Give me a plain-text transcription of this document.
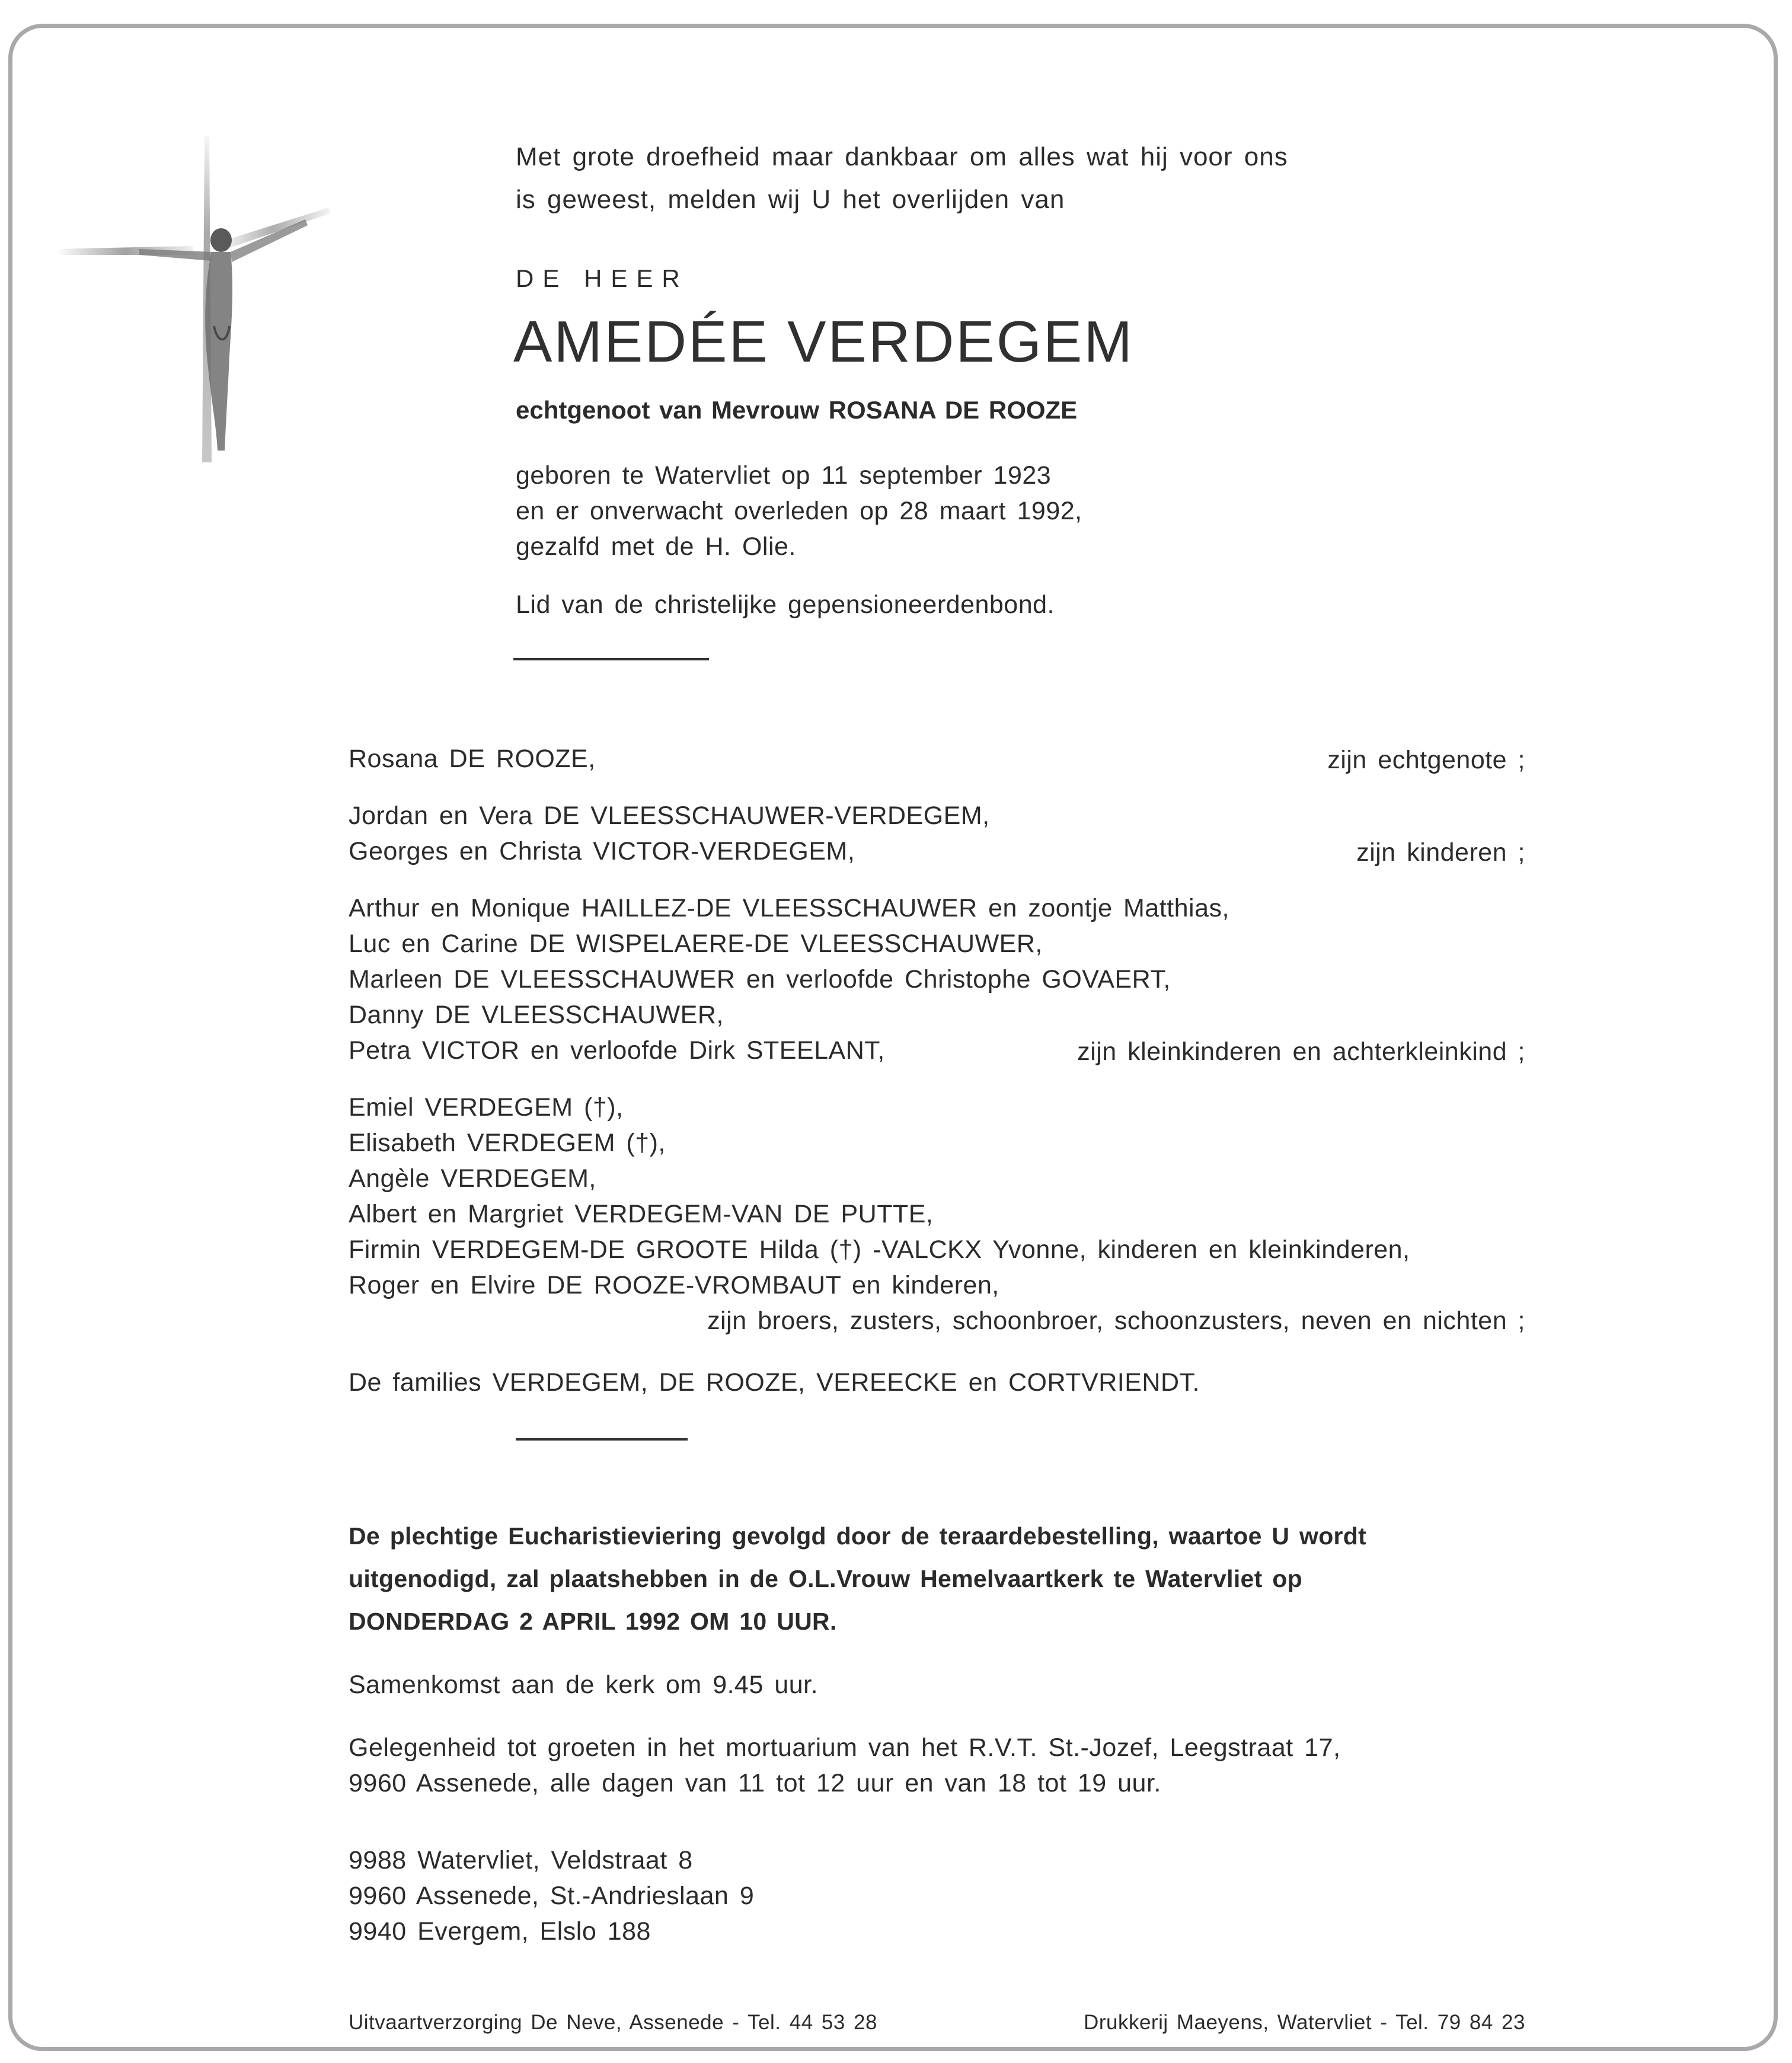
Met grote droefheid maar dankbaar om alles wat hij voor ons
is geweest, melden wij U het overlijden van
DE HEER
AMEDÉE VERDEGEM
echtgenoot van Mevrouw ROSANA DE ROOZE
geboren te Watervliet op 11 september 1923
en er onverwacht overleden op 28 maart 1992,
gezalfd met de H. Olie.
Lid van de christelijke gepensioneerdenbond.
Rosana DE ROOZE,	zijn echtgenote ;
Jordan en Vera DE VLEESSCHAUWER-VERDEGEM,
Georges en Christa VICTOR-VERDEGEM,	zijn kinderen ;
Arthur en Monique HAILLEZ-DE VLEESSCHAUWER en zoontje Matthias,
Luc en Carine DE WISPELAERE-DE VLEESSCHAUWER,
Marleen DE VLEESSCHAUWER en verloofde Christophe GOVAERT,
Danny DE VLEESSCHAUWER,
Petra VICTOR en verloofde Dirk STEELANT,	zijn kleinkinderen en achterkleinkind ;
Emiel VERDEGEM (†),
Elisabeth VERDEGEM (†),
Angèle VERDEGEM,
Albert en Margriet VERDEGEM-VAN DE PUTTE,
Firmin VERDEGEM-DE GROOTE Hilda (†) -VALCKX Yvonne, kinderen en kleinkinderen,
Roger en Elvire DE ROOZE-VROMBAUT en kinderen,
zijn broers, zusters, schoonbroer, schoonzusters, neven en nichten ;
De families VERDEGEM, DE ROOZE, VEREECKE en CORTVRIENDT.
De plechtige Eucharistieviering gevolgd door de teraardebestelling, waartoe U wordt
uitgenodigd, zal plaatshebben in de O.L.Vrouw Hemelvaartkerk te Watervliet op
DONDERDAG 2 APRIL 1992 OM 10 UUR.
Samenkomst aan de kerk om 9.45 uur.
Gelegenheid tot groeten in het mortuarium van het R.V.T. St.-Jozef, Leegstraat 17,
9960 Assenede, alle dagen van 11 tot 12 uur en van 18 tot 19 uur.
9988 Watervliet, Veldstraat 8
9960 Assenede, St.-Andrieslaan 9
9940 Evergem, Elslo 188
Uitvaartverzorging De Neve, Assenede - Tel. 44 53 28	Drukkerij Maeyens, Watervliet - Tel. 79 84 23
